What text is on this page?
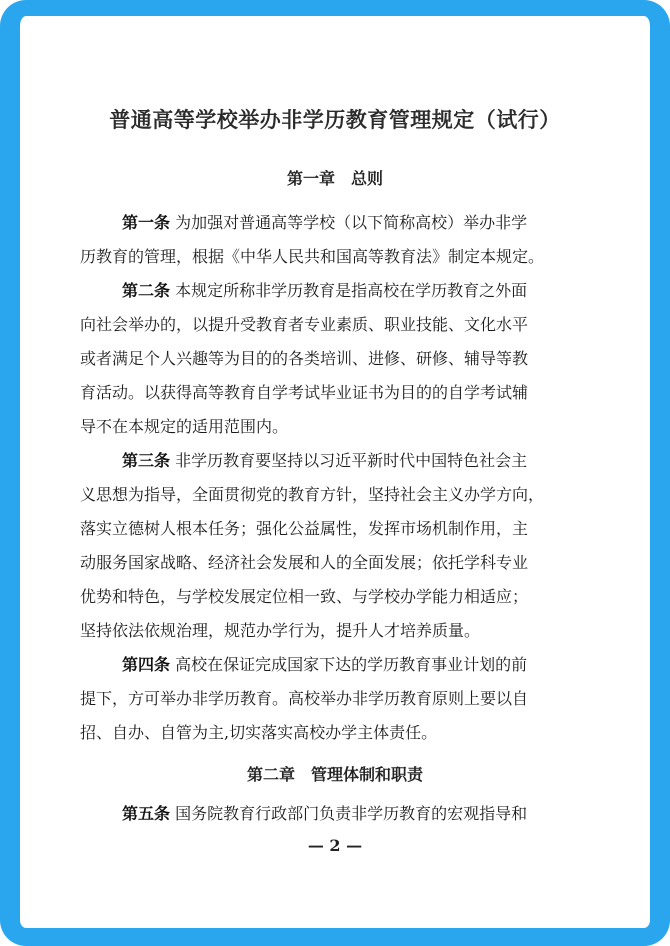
普通高等学校举办非学历教育管理规定（试行）
第一章　总则
第一条 为加强对普通高等学校（以下简称高校）举办非学
历教育的管理，根据《中华人民共和国高等教育法》制定本规定。
第二条 本规定所称非学历教育是指高校在学历教育之外面
向社会举办的，以提升受教育者专业素质、职业技能、文化水平
或者满足个人兴趣等为目的的各类培训、进修、研修、辅导等教
育活动。以获得高等教育自学考试毕业证书为目的的自学考试辅
导不在本规定的适用范围内。
第三条 非学历教育要坚持以习近平新时代中国特色社会主
义思想为指导，全面贯彻党的教育方针，坚持社会主义办学方向，
落实立德树人根本任务；强化公益属性，发挥市场机制作用，主
动服务国家战略、经济社会发展和人的全面发展；依托学科专业
优势和特色，与学校发展定位相一致、与学校办学能力相适应；
坚持依法依规治理，规范办学行为，提升人才培养质量。
第四条 高校在保证完成国家下达的学历教育事业计划的前
提下，方可举办非学历教育。高校举办非学历教育原则上要以自
招、自办、自管为主,切实落实高校办学主体责任。
第二章　管理体制和职责
第五条 国务院教育行政部门负责非学历教育的宏观指导和
— 2 —
